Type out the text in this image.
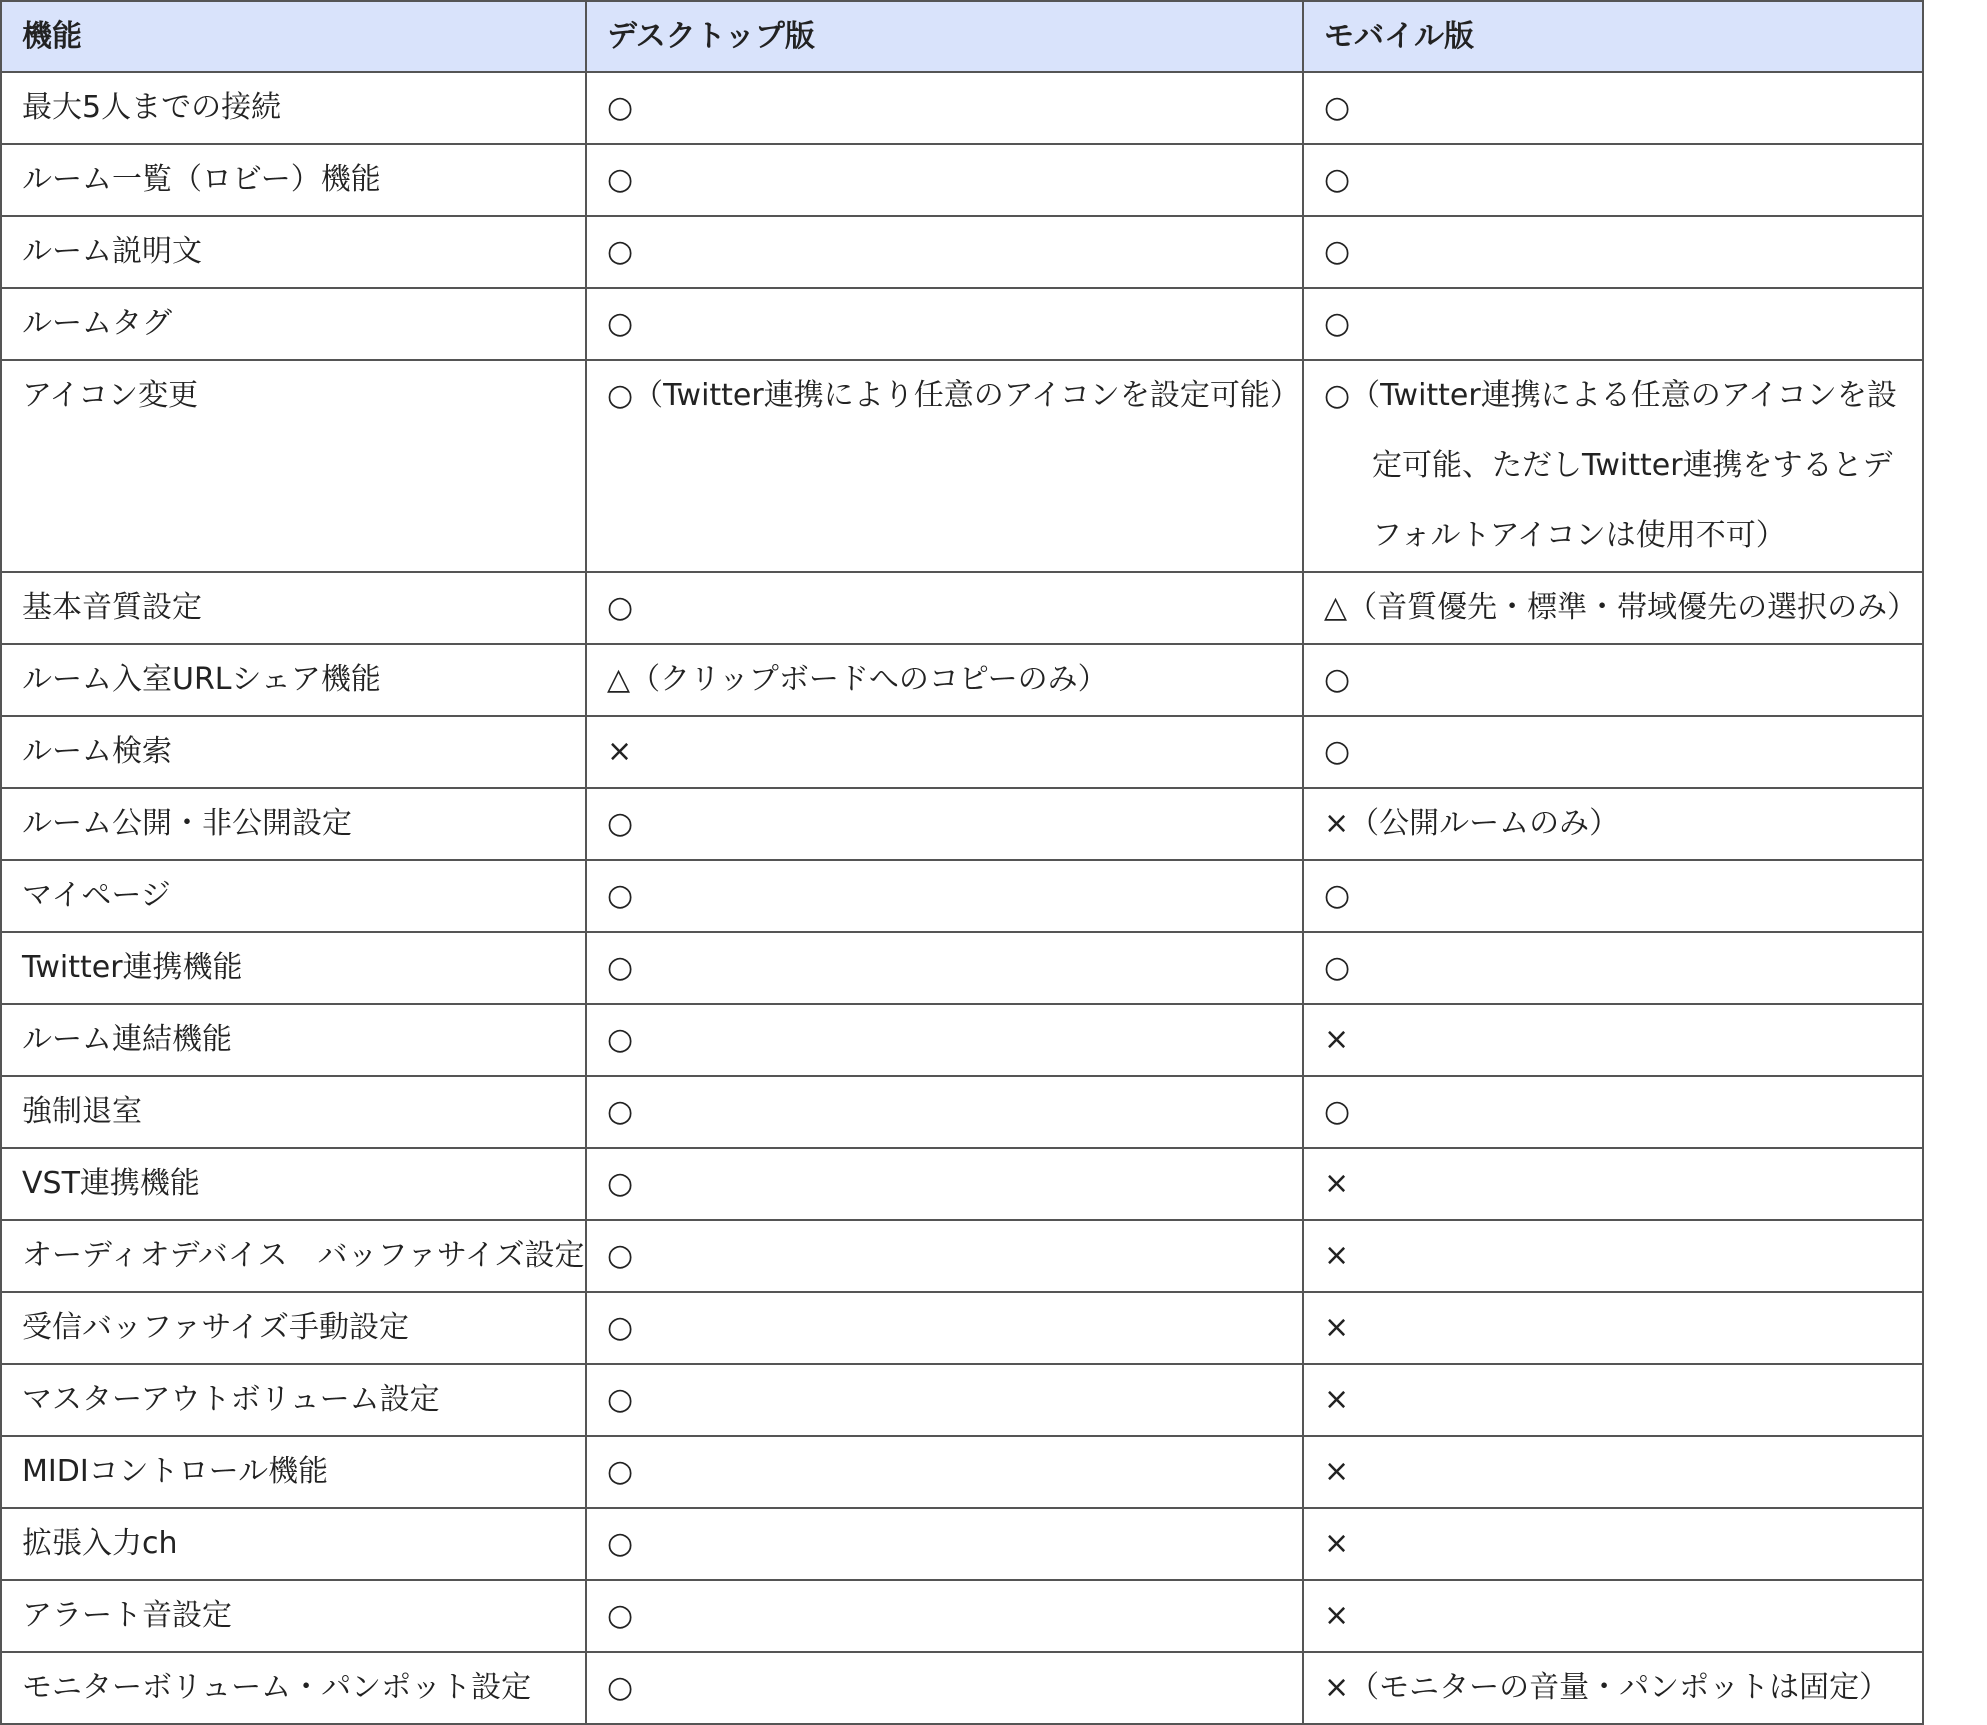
機能	デスクトップ版	モバイル版
最大5人までの接続	○	○
ルーム一覧（ロビー）機能	○	○
ルーム説明文	○	○
ルームタグ	○	○
アイコン変更	○（Twitter連携により任意のアイコンを設定可能）	○（Twitter連携による任意のアイコンを設定可能、ただしTwitter連携をするとデフォルトアイコンは使用不可）

基本音質設定	○	△（音質優先・標準・帯域優先の選択のみ）
ルーム入室URLシェア機能	△（クリップボードへのコピーのみ）	○
ルーム検索	×	○
ルーム公開・非公開設定	○	×（公開ルームのみ）
マイページ	○	○
Twitter連携機能	○	○
ルーム連結機能	○	×
強制退室	○	○
VST連携機能	○	×
オーディオデバイス　バッファサイズ設定	○	×
受信バッファサイズ手動設定	○	×
マスターアウトボリューム設定	○	×
MIDIコントロール機能	○	×
拡張入力ch	○	×
アラート音設定	○	×
モニターボリューム・パンポット設定	○	×（モニターの音量・パンポットは固定）
